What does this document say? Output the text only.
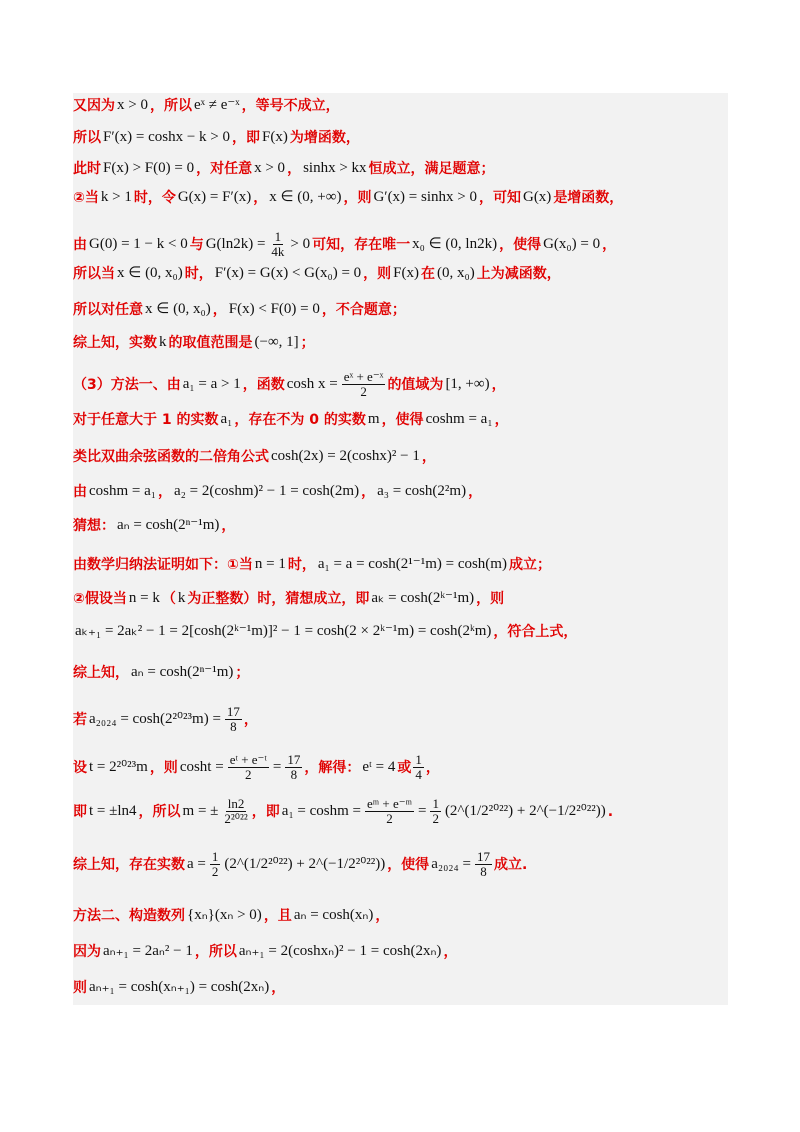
又因为 x > 0 ，所以 eˣ ≠ e⁻ˣ ，等号不成立，
所以 F′(x) = coshx − k > 0 ，即 F(x) 为增函数，
此时 F(x) > F(0) = 0 ，对任意 x > 0 ， sinhx > kx 恒成立，满足题意；
②当 k > 1 时，令 G(x) = F′(x) ， x ∈ (0, +∞) ，则 G′(x) = sinhx > 0 ，可知 G(x) 是增函数，
由 G(0) = 1 − k < 0 与 $G(\ln 2k) = \frac{1}{4k} > 0$ 可知，存在唯一 x₀ ∈ (0, ln2k) ，使得 G(x₀) = 0 ，
所以当 x ∈ (0, x₀) 时， F′(x) = G(x) < G(x₀) = 0 ，则 F(x) 在 (0, x₀) 上为减函数，
所以对任意 x ∈ (0, x₀) ， F(x) < F(0) = 0 ，不合题意；
综上知，实数 k 的取值范围是 (−∞, 1] ；
（3）方法一、由 a₁ = a > 1 ，函数 $\cosh x = \frac{\text{eˣ + e⁻ˣ}}{2}$ 的值域为 [1, +∞) ，
对于任意大于 1 的实数 a₁ ，存在不为 0 的实数 m ，使得 coshm = a₁ ，
类比双曲余弦函数的二倍角公式 cosh(2x) = 2(coshx)² − 1 ，
由 coshm = a₁ ， a₂ = 2(coshm)² − 1 = cosh(2m) ， a₃ = cosh(2²m) ，
猜想： aₙ = cosh(2ⁿ⁻¹m) ，
由数学归纳法证明如下：①当 n = 1 时， a₁ = a = cosh(2¹⁻¹m) = cosh(m) 成立；
②假设当 n = k （ k 为正整数）时，猜想成立，即 aₖ = cosh(2ᵏ⁻¹m) ，则
aₖ₊₁ = 2aₖ² − 1 = 2[cosh(2ᵏ⁻¹m)]² − 1 = cosh(2 × 2ᵏ⁻¹m) = cosh(2ᵏm) ，符合上式，
综上知， aₙ = cosh(2ⁿ⁻¹m) ；
若 $a_{2024} = \cosh(2^{2023}m) = \frac{17}{8}$ ，
设 t = 2²⁰²³m ，则 $\cosh t = \frac{\text{eᵗ + e⁻ᵗ}}{2} = \frac{17}{8}$ ，解得： eᵗ = 4 或 $\frac{1}{4}$ ，
即 t = ±ln4 ，所以 m = ± $\frac{\ln 2}{\text{2²⁰²²}}$ ，即 $a_1 = \cosh m = \frac{\text{eᵐ + e⁻ᵐ}}{2} = \frac{1}{2}$ (2^(1/2²⁰²²) + 2^(−1/2²⁰²²)) .
综上知，存在实数 $a = \frac{1}{2}$ (2^(1/2²⁰²²) + 2^(−1/2²⁰²²)) ，使得 $a_{2024} = \frac{17}{8}$ 成立.
方法二、构造数列 {xₙ}(xₙ > 0) ，且 aₙ = cosh(xₙ) ，
因为 aₙ₊₁ = 2aₙ² − 1 ，所以 aₙ₊₁ = 2(coshxₙ)² − 1 = cosh(2xₙ) ，
则 aₙ₊₁ = cosh(xₙ₊₁) = cosh(2xₙ) ，
